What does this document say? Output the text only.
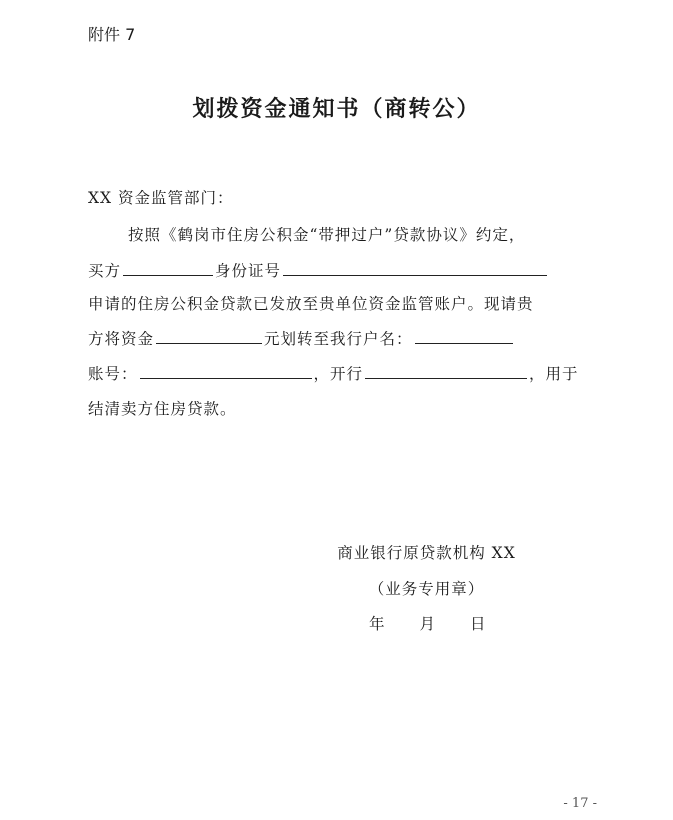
附件 7
划拨资金通知书（商转公）
XX 资金监管部门：
按照《鹤岗市住房公积金“带押过户”贷款协议》约定，
买方	身份证号
申请的住房公积金贷款已发放至贵单位资金监管账户。现请贵
方将资金	元划转至我行户名：
账号：	，开行	，用于
结清卖方住房贷款。
商业银行原贷款机构 XX
（业务专用章）
年 月 日
- 17 -
